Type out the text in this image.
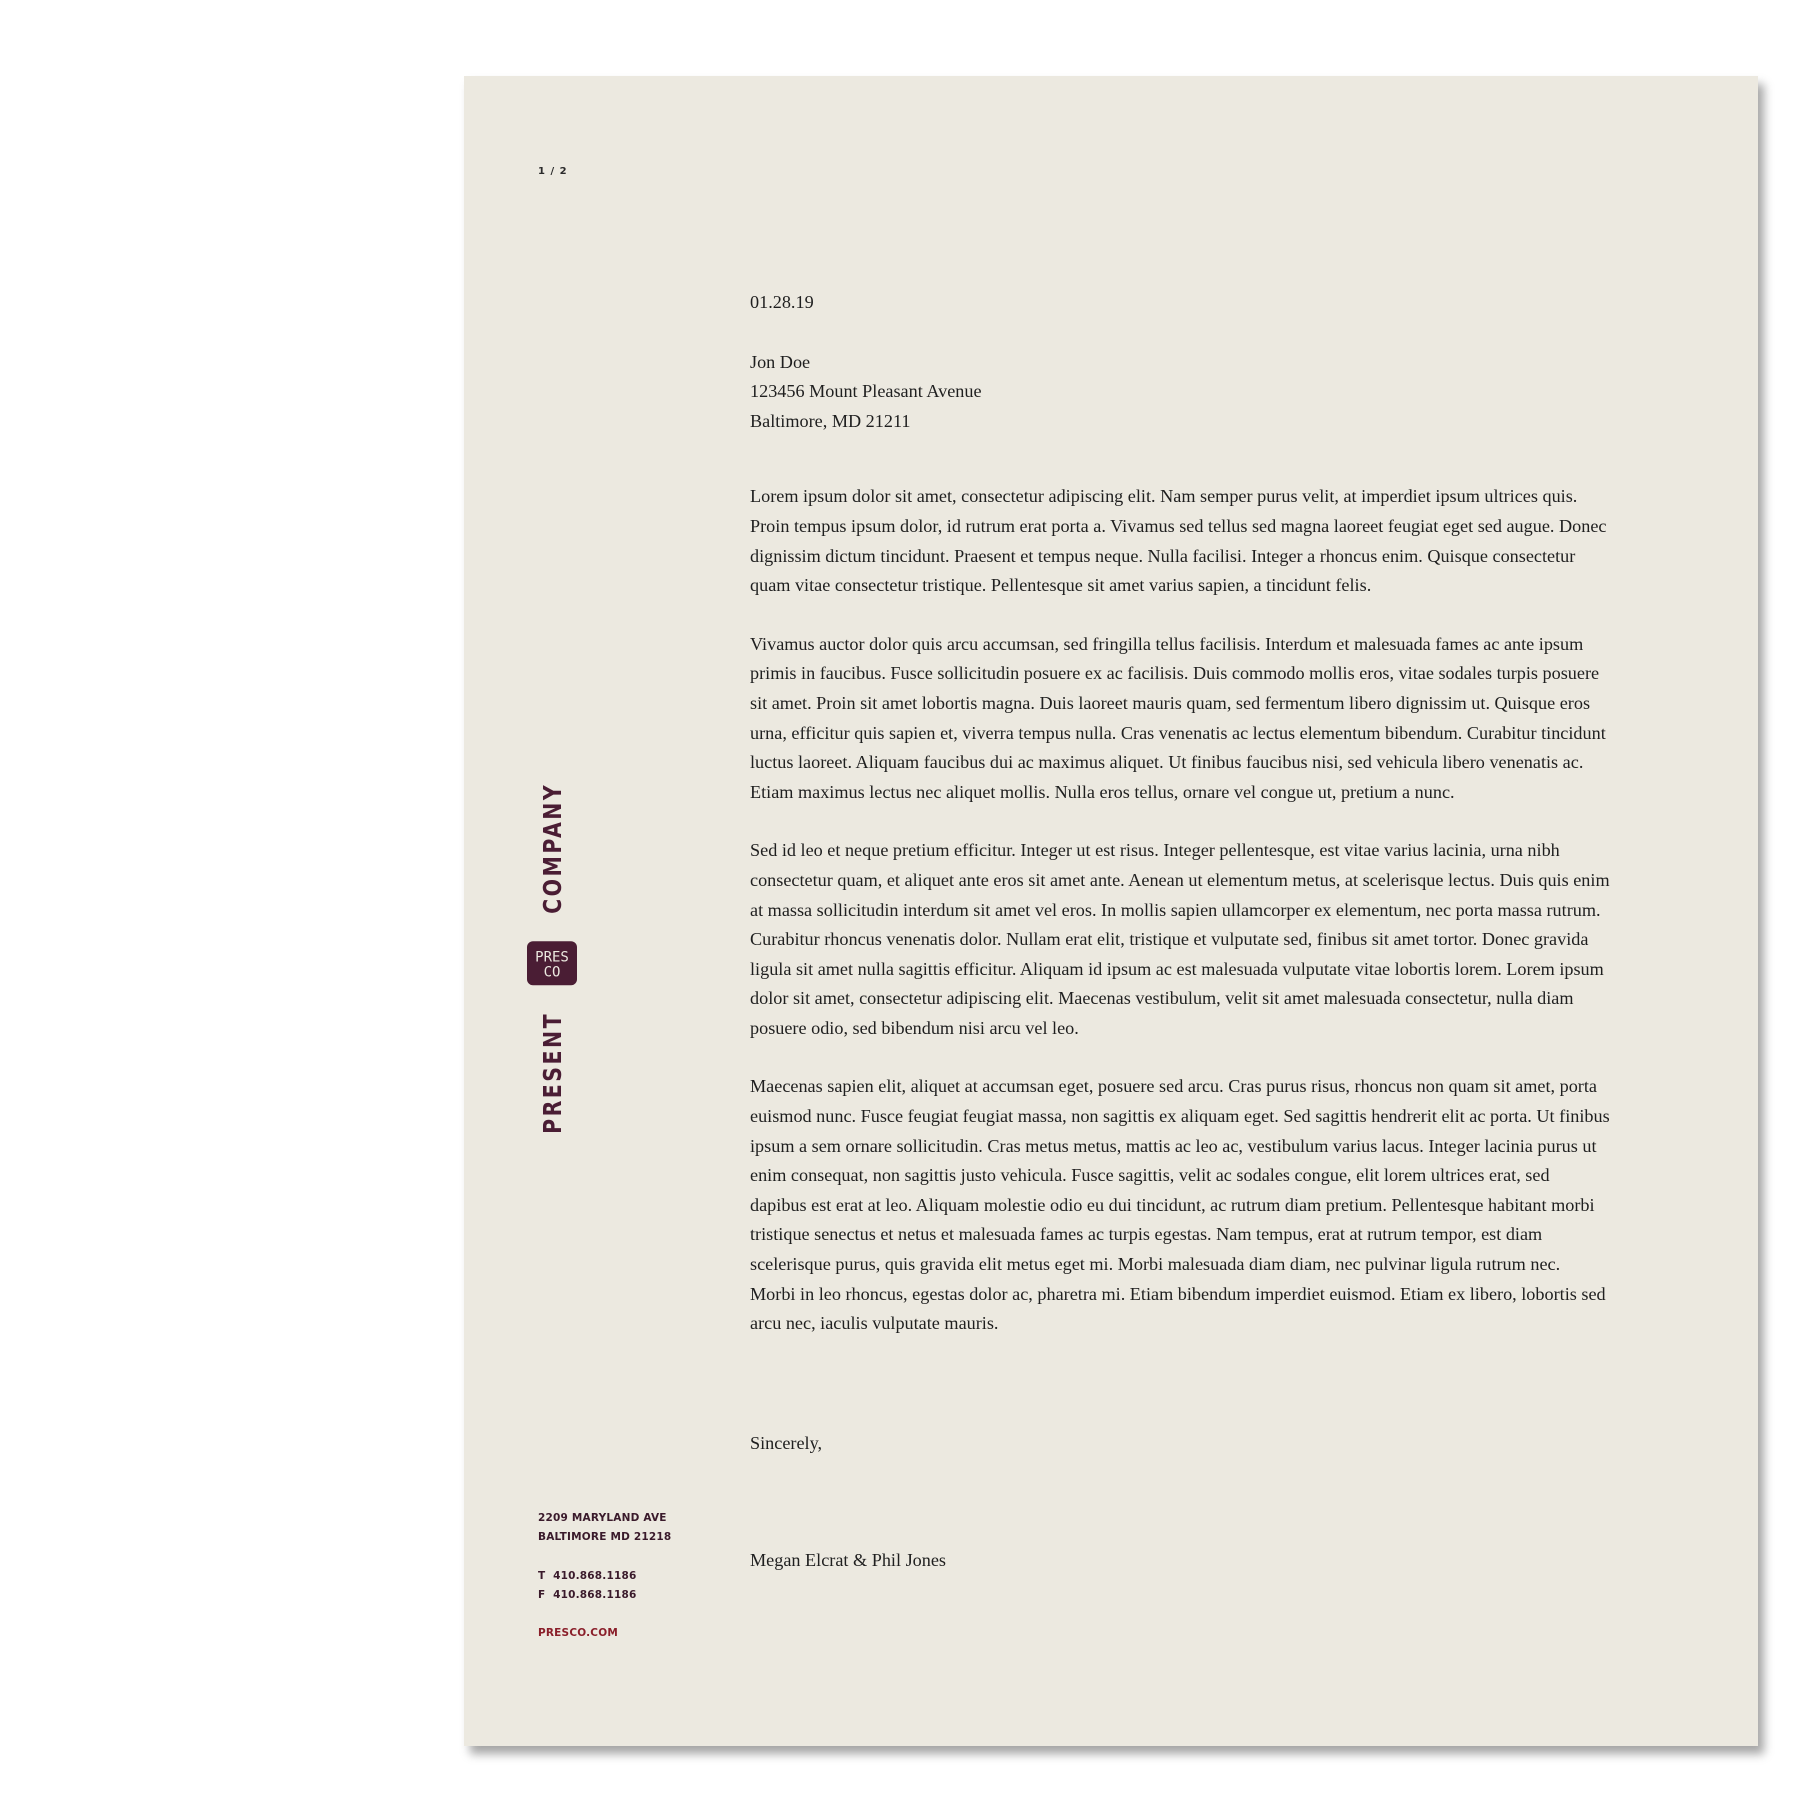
1 / 2
PRESENT
PRES
CO
COMPANY

01.28.19

Jon Doe
123456 Mount Pleasant Avenue
Baltimore, MD 21211

Lorem ipsum dolor sit amet, consectetur adipiscing elit. Nam semper purus velit, at imperdiet ipsum ultrices quis. Proin tempus ipsum dolor, id rutrum erat porta a. Vivamus sed tellus sed magna laoreet feugiat eget sed augue. Donec dignissim dictum tincidunt. Praesent et tempus neque. Nulla facilisi. Integer a rhoncus enim. Quisque consectetur quam vitae consectetur tristique. Pellentesque sit amet varius sapien, a tincidunt felis.

Vivamus auctor dolor quis arcu accumsan, sed fringilla tellus facilisis. Interdum et malesuada fames ac ante ipsum primis in faucibus. Fusce sollicitudin posuere ex ac facilisis. Duis commodo mollis eros, vitae sodales turpis posuere sit amet. Proin sit amet lobortis magna. Duis laoreet mauris quam, sed fermentum libero dignissim ut. Quisque eros urna, efficitur quis sapien et, viverra tempus nulla. Cras venenatis ac lectus elementum bibendum. Curabitur tincidunt luctus laoreet. Aliquam faucibus dui ac maximus aliquet. Ut finibus faucibus nisi, sed vehicula libero venenatis ac. Etiam maximus lectus nec aliquet mollis. Nulla eros tellus, ornare vel congue ut, pretium a nunc.

Sed id leo et neque pretium efficitur. Integer ut est risus. Integer pellentesque, est vitae varius lacinia, urna nibh consectetur quam, et aliquet ante eros sit amet ante. Aenean ut elementum metus, at scelerisque lectus. Duis quis enim at massa sollicitudin interdum sit amet vel eros. In mollis sapien ullamcorper ex elementum, nec porta massa rutrum. Curabitur rhoncus venenatis dolor. Nullam erat elit, tristique et vulputate sed, finibus sit amet tortor. Donec gravida ligula sit amet nulla sagittis efficitur. Aliquam id ipsum ac est malesuada vulputate vitae lobortis lorem. Lorem ipsum dolor sit amet, consectetur adipiscing elit. Maecenas vestibulum, velit sit amet malesuada consectetur, nulla diam posuere odio, sed bibendum nisi arcu vel leo.

Maecenas sapien elit, aliquet at accumsan eget, posuere sed arcu. Cras purus risus, rhoncus non quam sit amet, porta euismod nunc. Fusce feugiat feugiat massa, non sagittis ex aliquam eget. Sed sagittis hendrerit elit ac porta. Ut finibus ipsum a sem ornare sollicitudin. Cras metus metus, mattis ac leo ac, vestibulum varius lacus. Integer lacinia purus ut enim consequat, non sagittis justo vehicula. Fusce sagittis, velit ac sodales congue, elit lorem ultrices erat, sed dapibus est erat at leo. Aliquam molestie odio eu dui tincidunt, ac rutrum diam pretium. Pellentesque habitant morbi tristique senectus et netus et malesuada fames ac turpis egestas. Nam tempus, erat at rutrum tempor, est diam scelerisque purus, quis gravida elit metus eget mi. Morbi malesuada diam diam, nec pulvinar ligula rutrum nec. Morbi in leo rhoncus, egestas dolor ac, pharetra mi. Etiam bibendum imperdiet euismod. Etiam ex libero, lobortis sed arcu nec, iaculis vulputate mauris.

Sincerely,

Megan Elcrat & Phil Jones

2209 MARYLAND AVE
BALTIMORE MD 21218
T  410.868.1186
F  410.868.1186
PRESCO.COM
